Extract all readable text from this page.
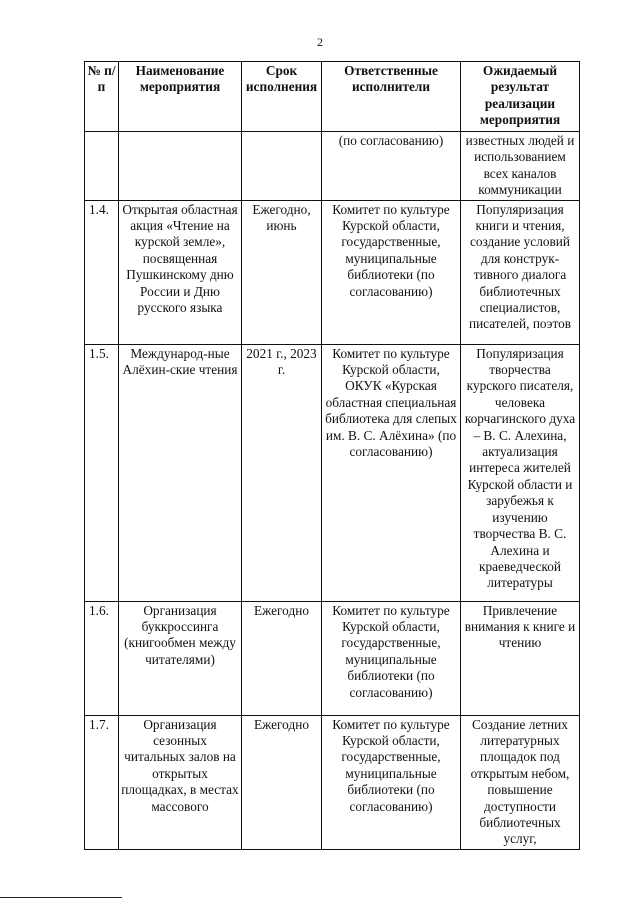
2
№ п/п	Наименование мероприятия	Срок исполнения	Ответственные исполнители	Ожидаемый результат реализации мероприятия
			(по согласованию)	известных людей и использованием всех каналов коммуникации
1.4.	Открытая областная акция «Чтение на курской земле», посвященная Пушкинскому дню России и Дню русского языка	Ежегодно, июнь	Комитет по культуре Курской области, государственные, муниципальные библиотеки (по согласованию)	Популяризация книги и чтения, создание условий для конструк-тивного диалога библиотечных специалистов, писателей, поэтов
1.5.	Международ-ные Алёхин-ские чтения	2021 г., 2023 г.	Комитет по культуре Курской области, ОКУК «Курская областная специальная библиотека для слепых им. В. С. Алёхина» (по согласованию)	Популяризация творчества курского писателя, человека корчагинского духа – В. С. Алехина, актуализация интереса жителей Курской области и зарубежья к изучению творчества В. С. Алехина и краеведческой литературы
1.6.	Организация буккроссинга (книгообмен между читателями)	Ежегодно	Комитет по культуре Курской области, государственные, муниципальные библиотеки (по согласованию)	Привлечение внимания к книге и чтению
1.7.	Организация сезонных читальных залов на открытых площадках, в местах массового	Ежегодно	Комитет по культуре Курской области, государственные, муниципальные библиотеки (по согласованию)	Создание летних литературных площадок под открытым небом, повышение доступности библиотечных услуг,
